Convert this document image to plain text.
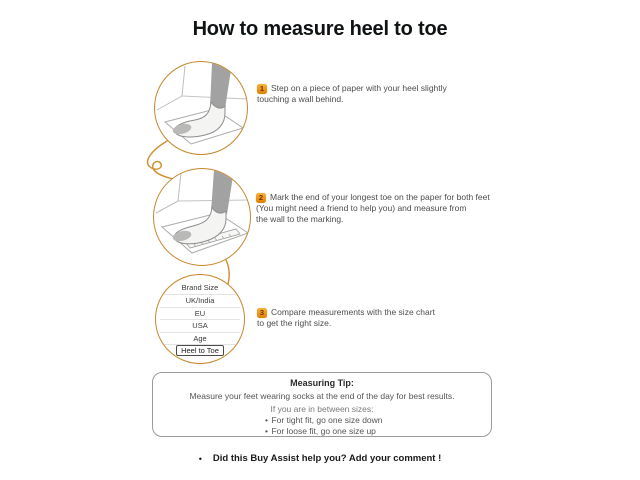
How to measure heel to toe
Brand Size
UK/India
EU
USA
Age
Heel to Toe
1 Step on a piece of paper with your heel slightly
touching a wall behind.
2 Mark the end of your longest toe on the paper for both feet
(You might need a friend to help you) and measure from
the wall to the marking.
3 Compare measurements with the size chart
to get the right size.
Measuring Tip:
Measure your feet wearing socks at the end of the day for best results.
If you are in between sizes:
• For tight fit, go one size down
• For loose fit, go one size up
• Did this Buy Assist help you? Add your comment !
